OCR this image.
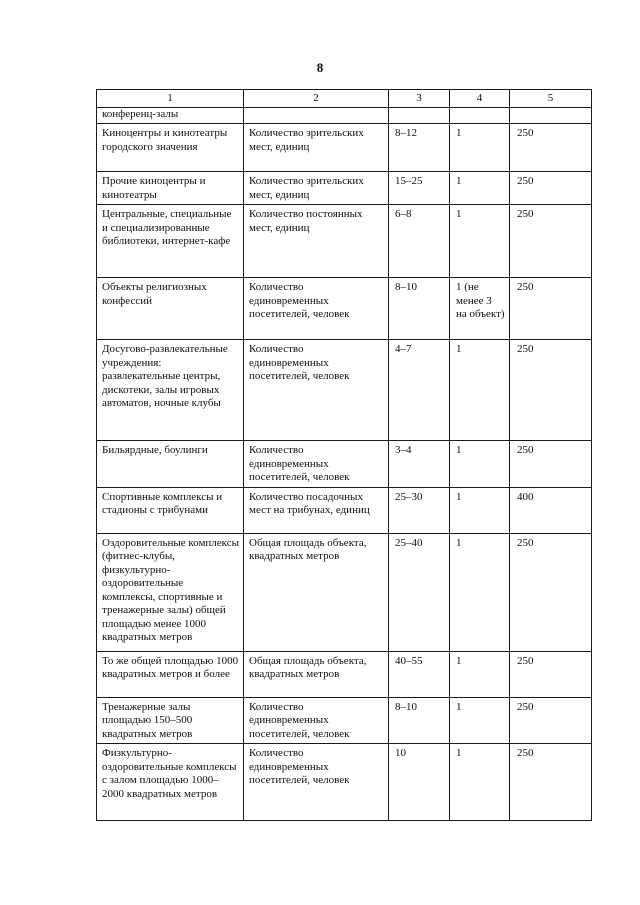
8
1	2	3	4	5
конференц-залы				
Киноцентры и кинотеатры городского значения	Количество зрительских мест, единиц	8–12	1	250
Прочие киноцентры и кинотеатры	Количество зрительских мест, единиц	15–25	1	250
Центральные, специальные и специализированные библиотеки, интернет-кафе	Количество постоянных мест, единиц	6–8	1	250
Объекты религиозных конфессий	Количество единовременных посетителей, человек	8–10	1 (не менее 3 на объект)	250
Досугово-развлекательные учреждения: развлекательные центры, дискотеки, залы игровых автоматов, ночные клубы	Количество единовременных посетителей, человек	4–7	1	250
Бильярдные, боулинги	Количество единовременных посетителей, человек	3–4	1	250
Спортивные комплексы и стадионы с трибунами	Количество посадочных мест на трибунах, единиц	25–30	1	400
Оздоровительные комплексы (фитнес-клубы, физкультурно-оздоровительные комплексы, спортивные и тренажерные залы) общей площадью менее 1000 квадратных метров	Общая площадь объекта, квадратных метров	25–40	1	250
То же общей площадью 1000 квадратных метров и более	Общая площадь объекта, квадратных метров	40–55	1	250
Тренажерные залы площадью 150–500 квадратных метров	Количество единовременных посетителей, человек	8–10	1	250
Физкультурно-оздоровительные комплексы с залом площадью 1000–2000 квадратных метров	Количество единовременных посетителей, человек	10	1	250
